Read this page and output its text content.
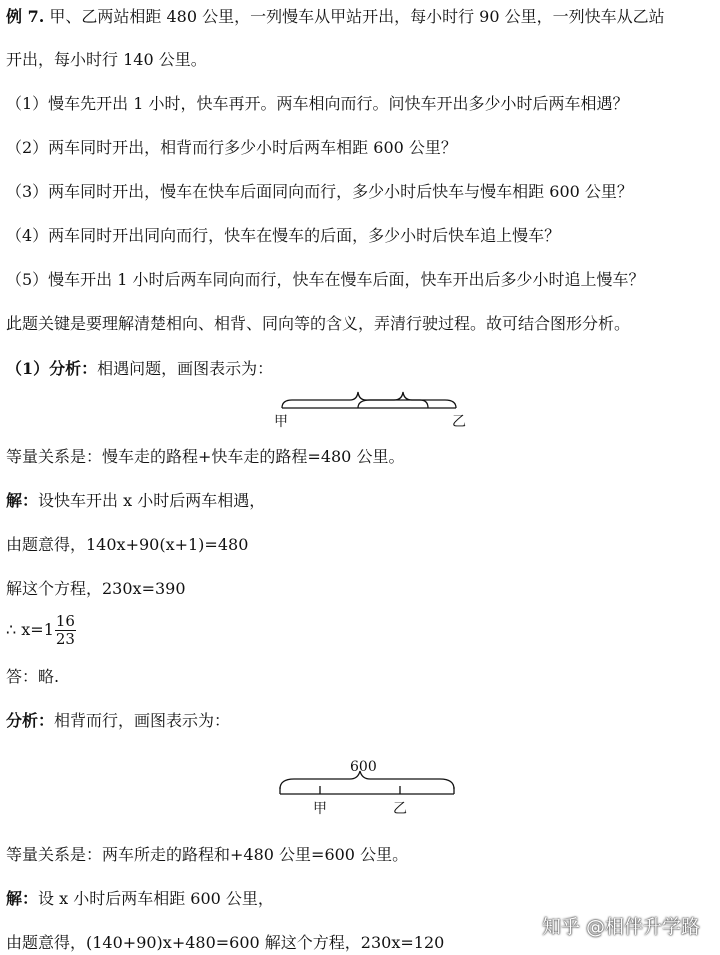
例 7. 甲、乙两站相距 480 公里，一列慢车从甲站开出，每小时行 90 公里，一列快车从乙站
开出，每小时行 140 公里。
（1）慢车先开出 1 小时，快车再开。两车相向而行。问快车开出多少小时后两车相遇？
（2）两车同时开出，相背而行多少小时后两车相距 600 公里？
（3）两车同时开出，慢车在快车后面同向而行，多少小时后快车与慢车相距 600 公里？
（4）两车同时开出同向而行，快车在慢车的后面，多少小时后快车追上慢车？
（5）慢车开出 1 小时后两车同向而行，快车在慢车后面，快车开出后多少小时追上慢车？
此题关键是要理解清楚相向、相背、同向等的含义，弄清行驶过程。故可结合图形分析。
（1）分析：相遇问题，画图表示为：
甲	乙
等量关系是：慢车走的路程+快车走的路程=480 公里。
解：设快车开出 x 小时后两车相遇，
由题意得，140x+90(x+1)=480
解这个方程，230x=390
∴ $x=1 \frac{16}{23}$
答：略.
分析：相背而行，画图表示为：
600
甲	乙
等量关系是：两车所走的路程和+480 公里=600 公里。
解：设 x 小时后两车相距 600 公里，
由题意得，(140+90)x+480=600 解这个方程，230x=120
知乎 @相伴升学路
